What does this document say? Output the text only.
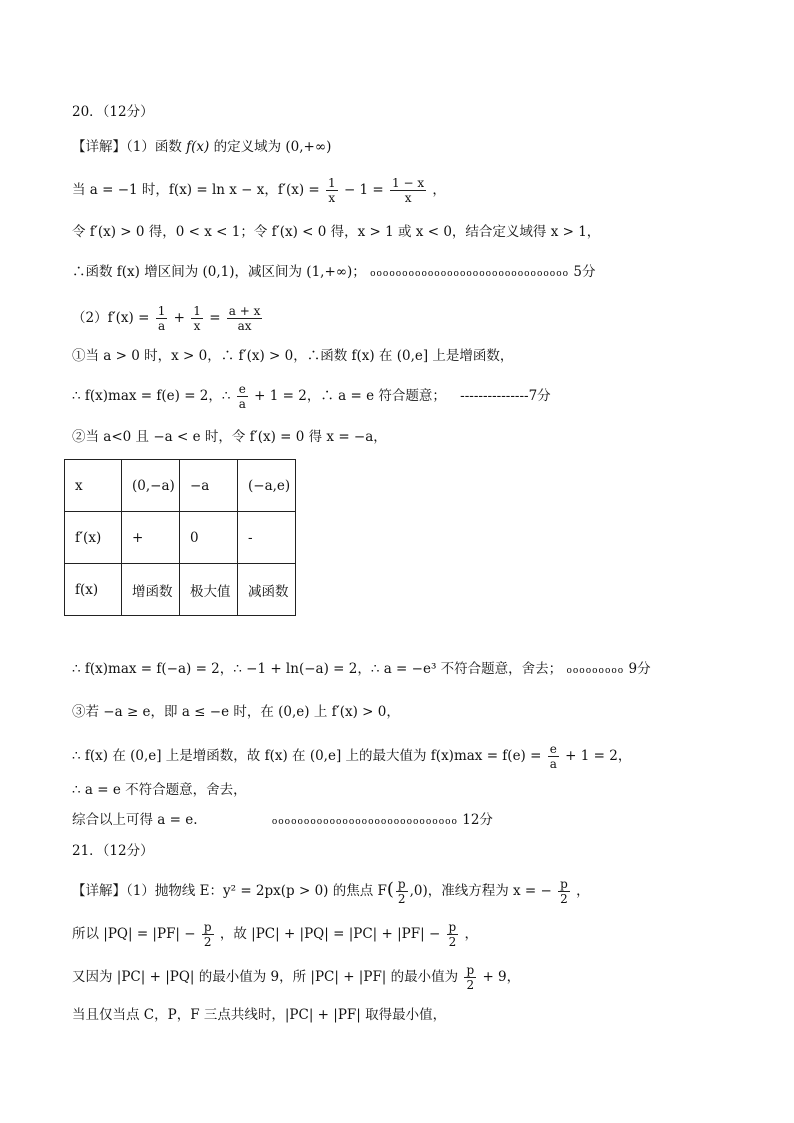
20．（12分）
【详解】（1）函数 f(x) 的定义域为 (0,+∞)
当 a = −1 时，f(x) = ln x − x，$f'(x) = \frac{1}{x} - 1 = \frac{1 - x}{x}$ ，
令 f′(x) > 0 得，0 < x < 1；令 f′(x) < 0 得，x > 1 或 x < 0，结合定义域得 x > 1，
∴函数 f(x) 增区间为 (0,1)，减区间为 (1,+∞)； ooooooooooooooooooooooooooooooo 5分
$(2)f'(x) = \frac{1}{a} + \frac{1}{x} = \frac{a + x}{ax}$
①当 a > 0 时，x > 0，∴ f′(x) > 0，∴函数 f(x) 在 (0,e] 上是增函数，
∴ f(x)max = f(e) = 2，∴ $\frac{e}{a} + 1 = 2$，∴ a = e 符合题意； ---------------7分
②当 a<0 且 −a < e 时，令 f′(x) = 0 得 x = −a，
x	(0,−a)	−a	(−a,e)
f′(x)	+	0	-
f(x)	增函数	极大值	减函数
∴ f(x)max = f(−a) = 2，∴ −1 + ln(−a) = 2，∴ a = −e³ 不符合题意，舍去； ooooooooo 9分
③若 −a ≥ e，即 a ≤ −e 时，在 (0,e) 上 f′(x) > 0，
∴ f(x) 在 (0,e] 上是增函数，故 f(x) 在 (0,e] 上的最大值为 $f(x)\max = f(e) = \frac{e}{a} + 1 = 2$，
∴ a = e 不符合题意，舍去，
综合以上可得 a = e.	ooooooooooooooooooooooooooooo 12分
21．（12分）
【详解】（1）抛物线 E：y² = 2px(p > 0) 的焦点 $F( \frac{p}{2} ,0)$，准线方程为 x = − $\frac{p}{2}$ ，
所以 $|PQ| = |PF| - \frac{p}{2}$ ，故 $|PC| + |PQ| = |PC| + |PF| - \frac{p}{2}$ ，
又因为 |PC| + |PQ| 的最小值为 9，所 |PC| + |PF| 的最小值为 $\frac{p}{2} + 9$，
当且仅当点 C，P，F 三点共线时，|PC| + |PF| 取得最小值，
